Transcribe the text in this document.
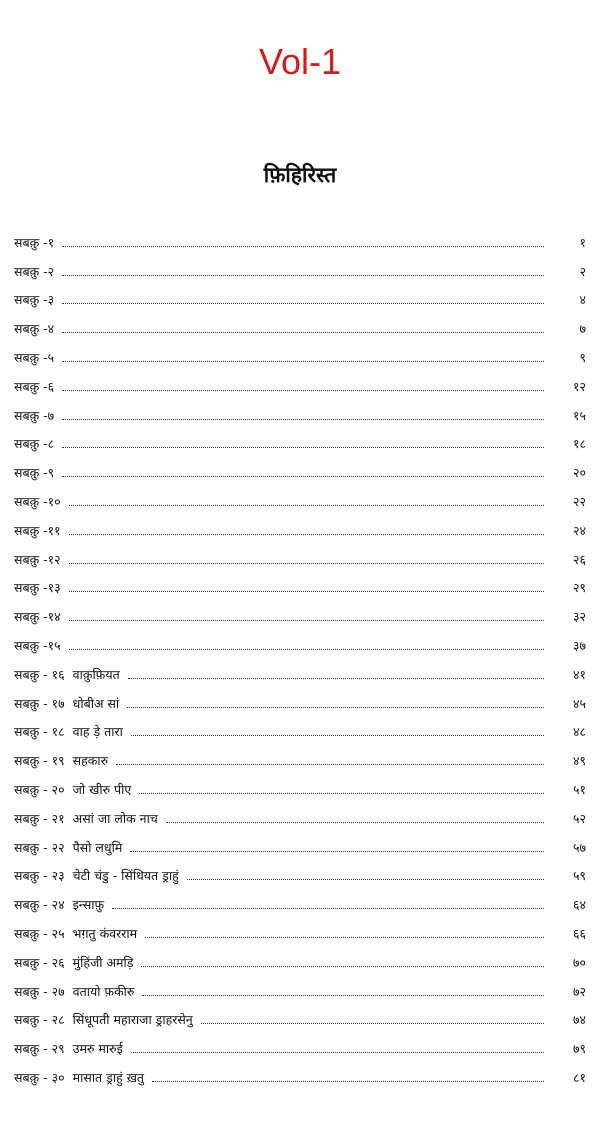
Vol-1
फ़िहिरिस्त
सबक़ु -१	१
सबक़ु -२	२
सबक़ु -३	४
सबक़ु -४	७
सबक़ु -५	९
सबक़ु -६	१२
सबक़ु -७	१५
सबक़ु -८	१८
सबक़ु -९	२०
सबक़ु -१०	२२
सबक़ु -११	२४
सबक़ु -१२	२६
सबक़ु -१३	२९
सबक़ु -१४	३२
सबक़ु -१५	३७
सबक़ु - १६ वाक़ुफ़ियत	४१
सबक़ु - १७ धोबीअ सां	४५
सबक़ु - १८ वाह ड़े तारा	४८
सबक़ु - १९ सहकारु	४९
सबक़ु - २० जो खीरु पीए	५१
सबक़ु - २१ असां जा लोक नाच	५२
सबक़ु - २२ पैसो लधुमि	५७
सबक़ु - २३ चेटी चंडु - सिंधियत ड्राहुं	५९
सबक़ु - २४ इन्साफ़ु	६४
सबक़ु - २५ भग़तु कंवरराम	६६
सबक़ु - २६ मुंहिंजी अमड़ि	७०
सबक़ु - २७ वतायो फ़कीरु	७२
सबक़ु - २८ सिंधूपती महाराजा ड्राहरसेनु	७४
सबक़ु - २९ उमरु मारुई	७९
सबक़ु - ३० मासात ड्राहुं ख़तु	८१
